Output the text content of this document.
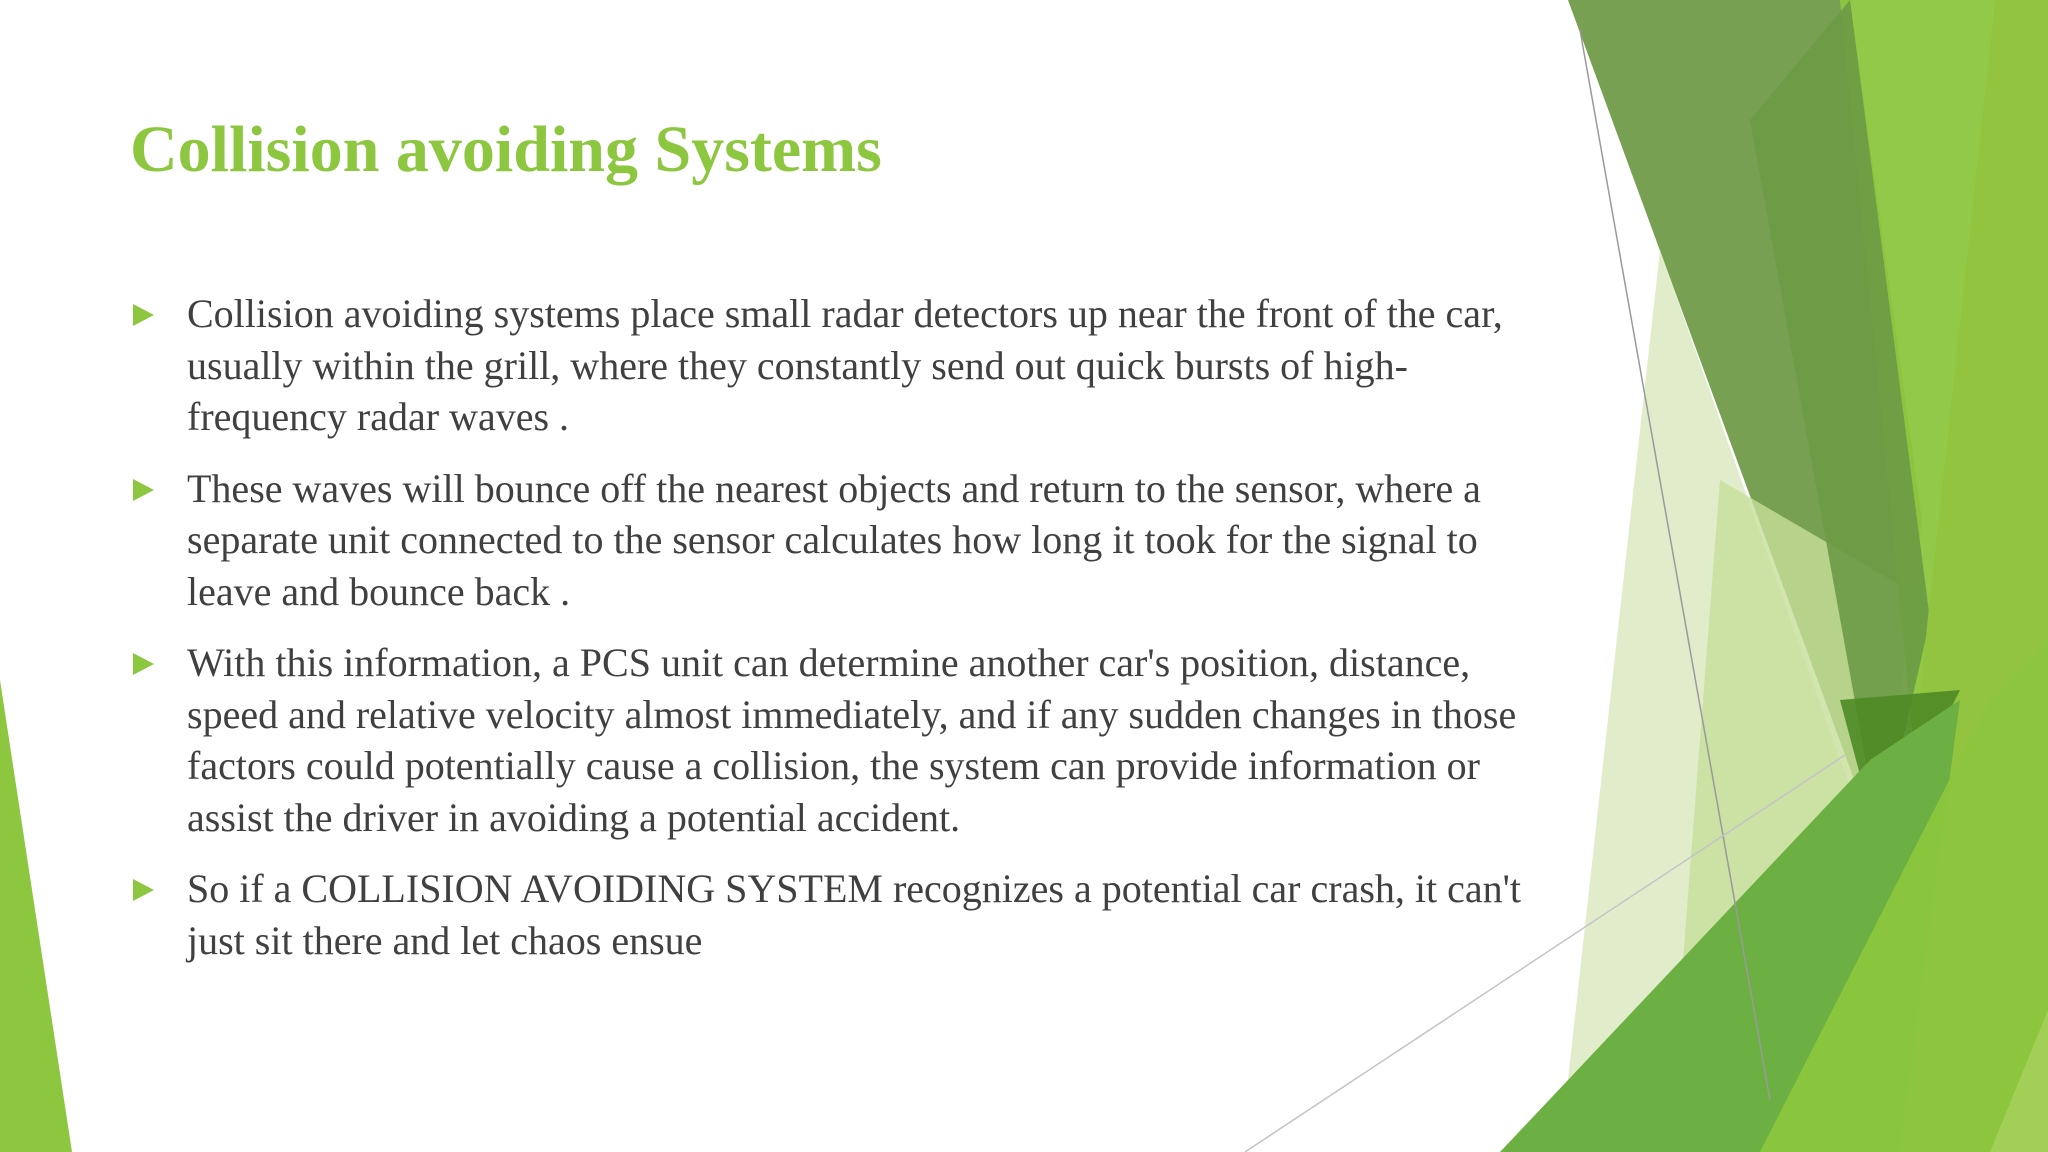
Collision avoiding Systems
Collision avoiding systems place small radar detectors up near the front of the car, usually within the grill, where they constantly send out quick bursts of high-frequency radar waves .
These waves will bounce off the nearest objects and return to the sensor, where a separate unit connected to the sensor calculates how long it took for the signal to leave and bounce back .
With this information, a PCS unit can determine another car's position, distance, speed and relative velocity almost immediately, and if any sudden changes in those factors could potentially cause a collision, the system can provide information or assist the driver in avoiding a potential accident.
So if a COLLISION AVOIDING SYSTEM recognizes a potential car crash, it can't just sit there and let chaos ensue
